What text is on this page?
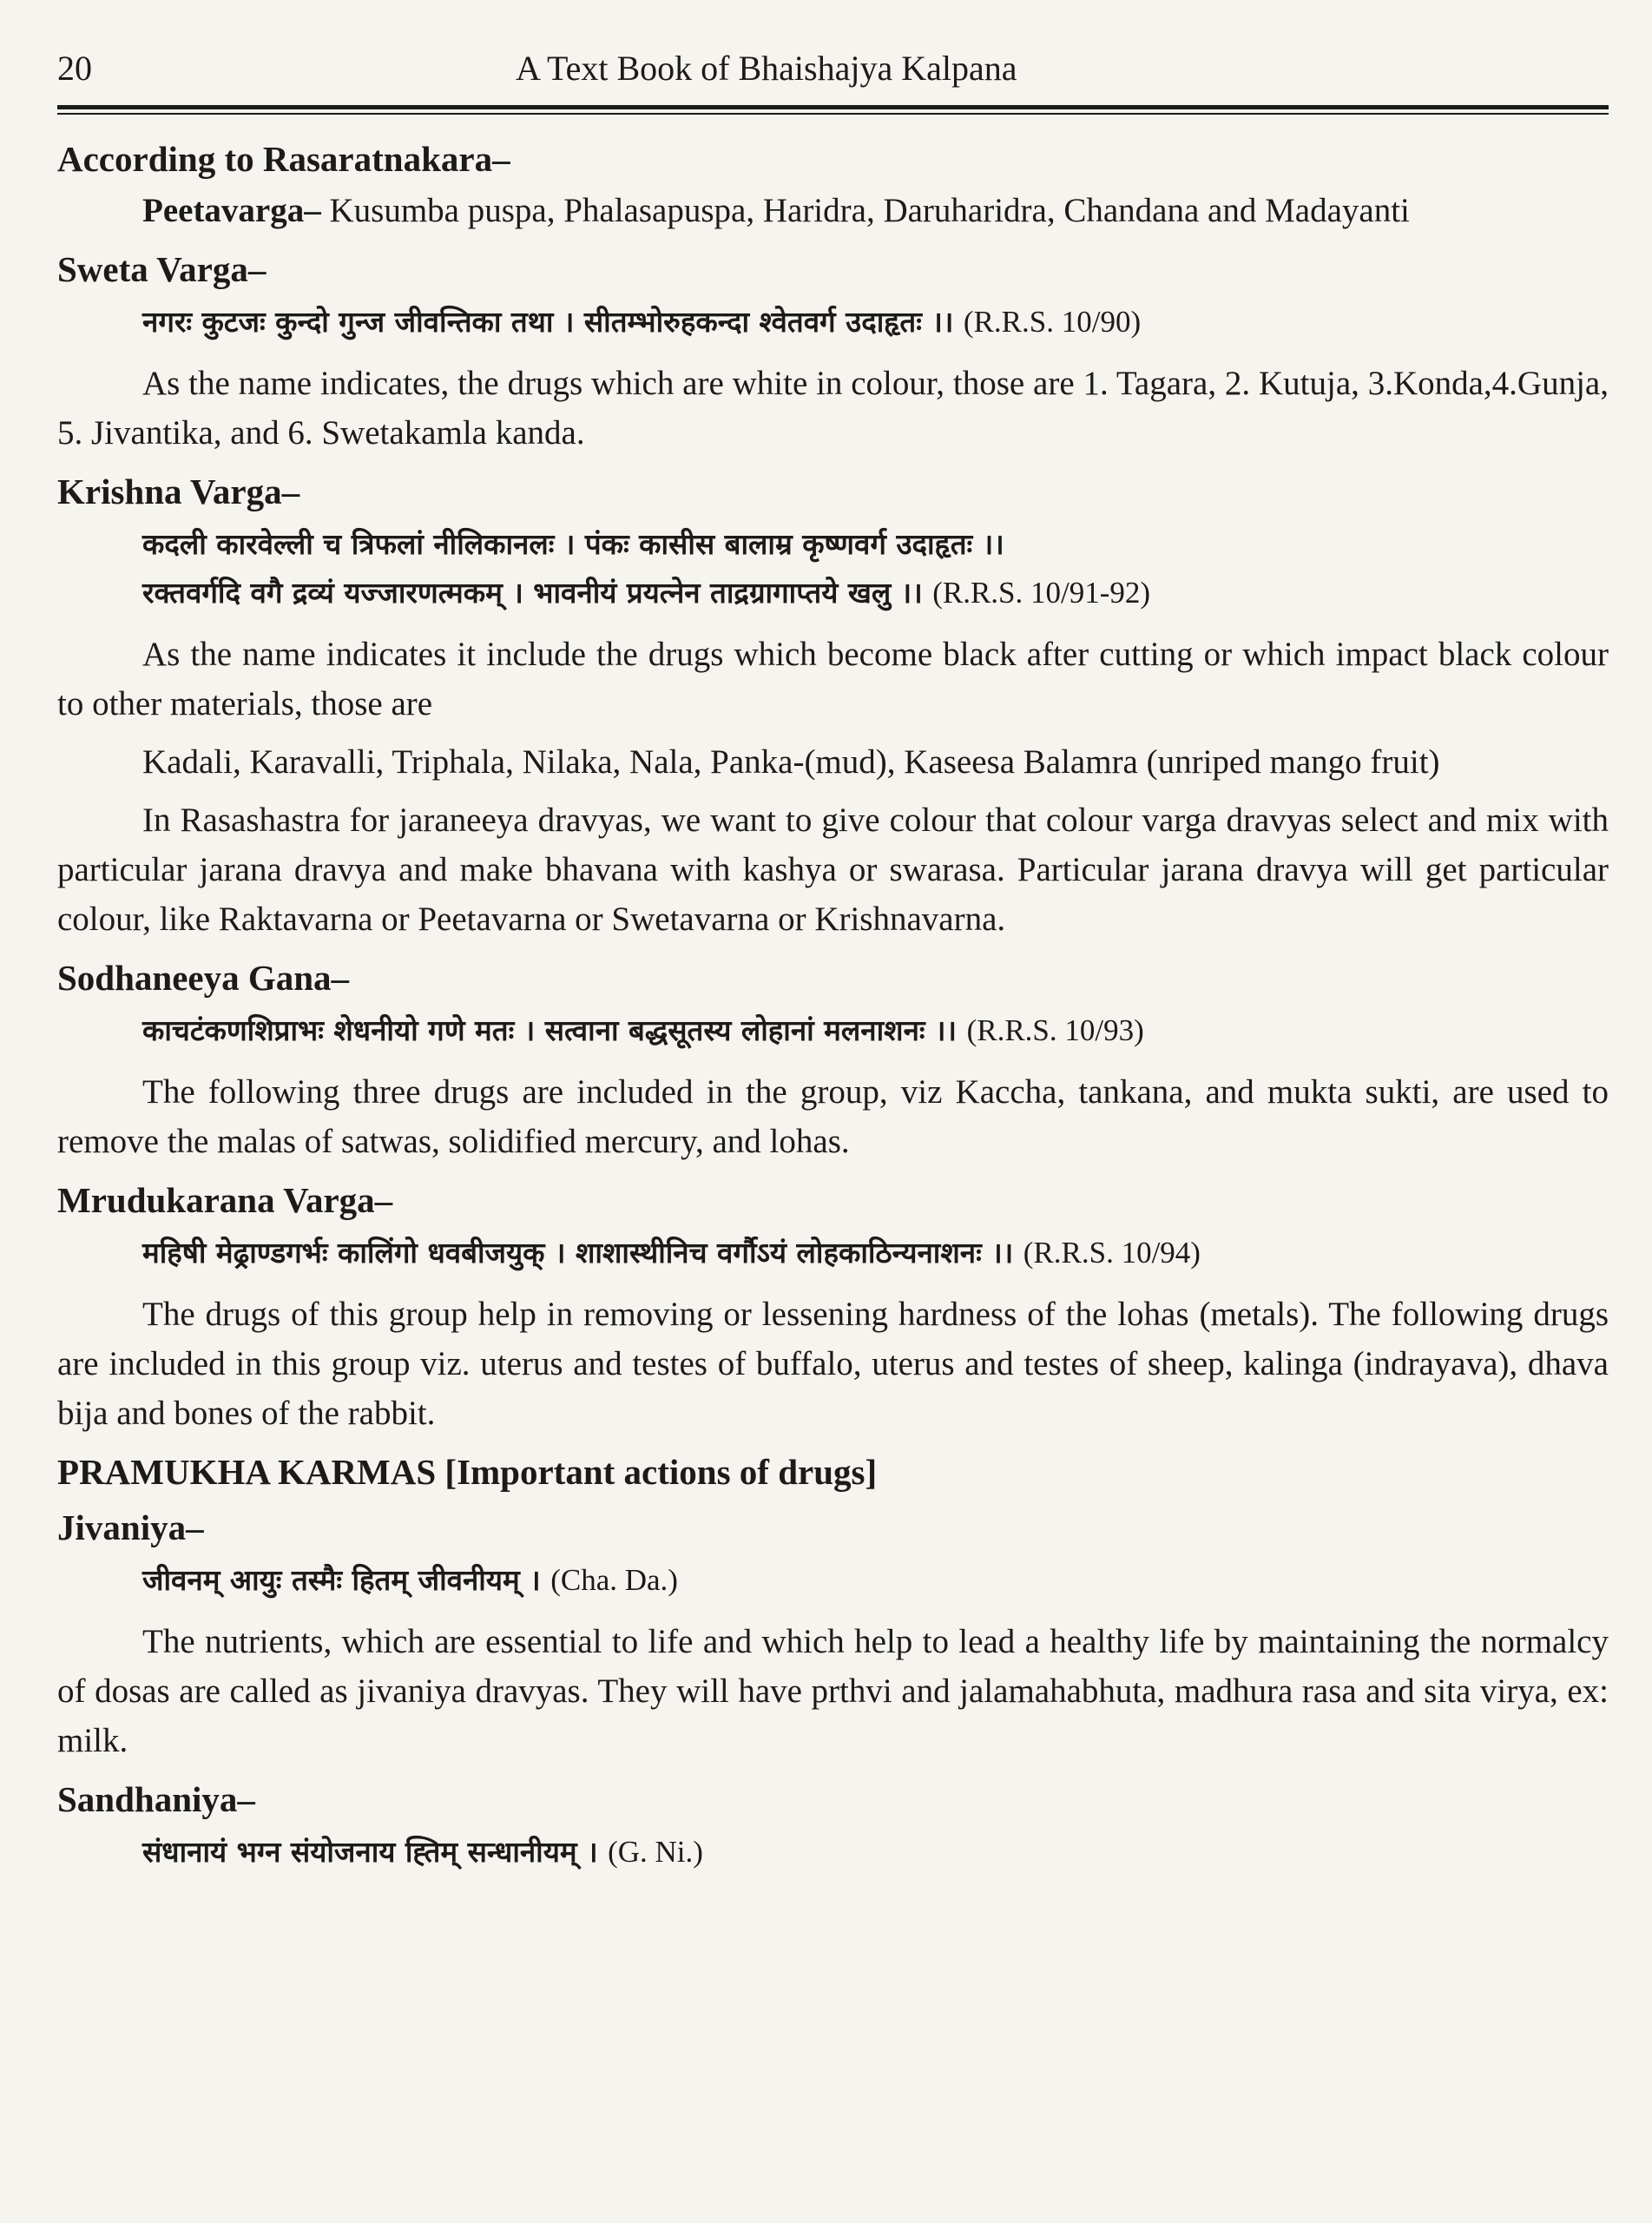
20	A Text Book of Bhaishajya Kalpana
According to Rasaratnakara–

Peetavarga– Kusumba puspa, Phalasapuspa, Haridra, Daruharidra, Chandana and Madayanti

Sweta Varga–
नगरः कुटजः कुन्दो गुन्ज जीवन्तिका तथा । सीतम्भोरुहकन्दा श्वेतवर्ग उदाहृतः ।। (R.R.S. 10/90)

As the name indicates, the drugs which are white in colour, those are 1. Tagara, 2. Kutuja, 3.Konda,4.Gunja, 5. Jivantika, and 6. Swetakamla kanda.

Krishna Varga–
कदली कारवेल्ली च त्रिफलां नीलिकानलः । पंकः कासीस बालाम्र कृष्णवर्ग उदाहृतः ।।
रक्तवर्गदि वगै द्रव्यं यज्जारणत्मकम् । भावनीयं प्रयत्नेन ताद्रग्रागाप्तये खलु ।। (R.R.S. 10/91-92)

As the name indicates it include the drugs which become black after cutting or which impact black colour to other materials, those are

Kadali, Karavalli, Triphala, Nilaka, Nala, Panka-(mud), Kaseesa Balamra (unriped mango fruit)

In Rasashastra for jaraneeya dravyas, we want to give colour that colour varga dravyas select and mix with particular jarana dravya and make bhavana with kashya or swarasa. Particular jarana dravya will get particular colour, like Raktavarna or Peetavarna or Swetavarna or Krishnavarna.

Sodhaneeya Gana–
काचटंकणशिप्राभः शेधनीयो गणे मतः । सत्वाना बद्धसूतस्य लोहानां मलनाशनः ।। (R.R.S. 10/93)

The following three drugs are included in the group, viz Kaccha, tankana, and mukta sukti, are used to remove the malas of satwas, solidified mercury, and lohas.

Mrudukarana Varga–
महिषी मेढ्राण्डगर्भः कालिंगो धवबीजयुक् । शाशास्थीनिच वर्गौऽयं लोहकाठिन्यनाशनः ।। (R.R.S. 10/94)

The drugs of this group help in removing or lessening hardness of the lohas (metals). The following drugs are included in this group viz. uterus and testes of buffalo, uterus and testes of sheep, kalinga (indrayava), dhava bija and bones of the rabbit.

PRAMUKHA KARMAS [Important actions of drugs]
Jivaniya–
जीवनम् आयुः तस्मैः हितम् जीवनीयम् । (Cha. Da.)

The nutrients, which are essential to life and which help to lead a healthy life by maintaining the normalcy of dosas are called as jivaniya dravyas. They will have prthvi and jalamahabhuta, madhura rasa and sita virya, ex: milk.

Sandhaniya–
संधानायं भग्न संयोजनाय ह्तिम् सन्धानीयम् । (G. Ni.)
